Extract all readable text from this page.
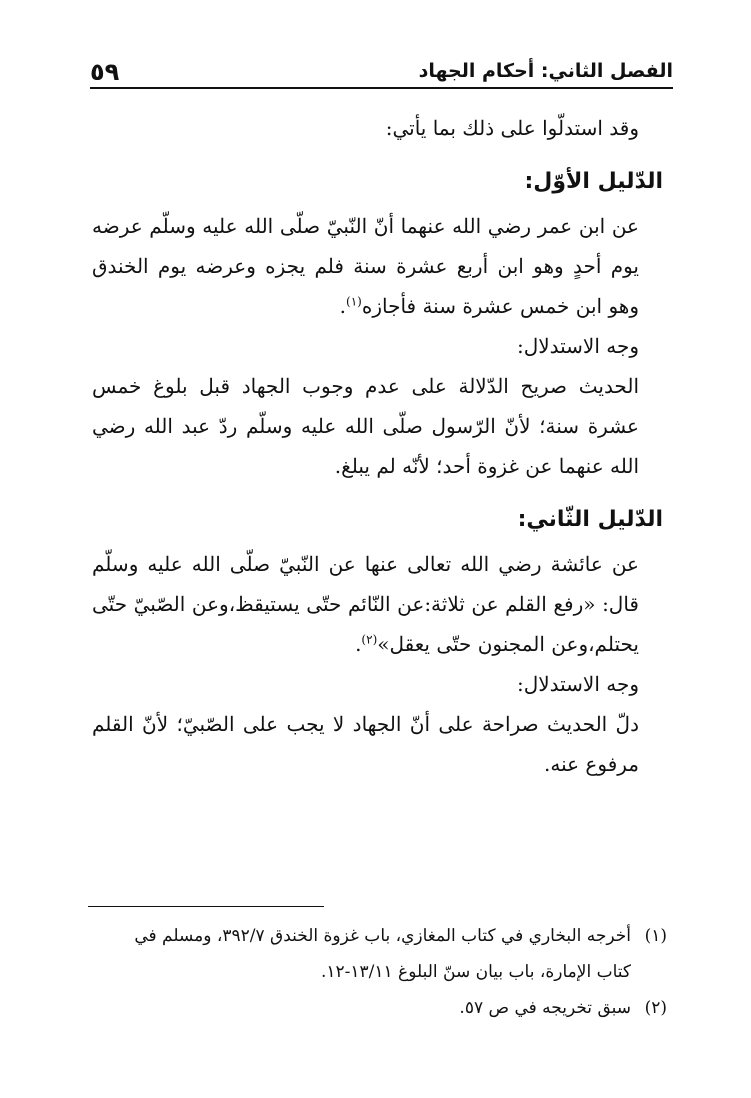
الفصل الثاني: أحكام الجهاد
٥٩

وقد استدلّوا على ذلك بما يأتي:

الدّليل الأوّل:

عن ابن عمر رضي الله عنهما أنّ النّبيّ صلّى الله عليه وسلّم عرضه يوم أحدٍ وهو ابن أربع عشرة سنة فلم يجزه وعرضه يوم الخندق وهو ابن خمس عشرة سنة فأجازه$^{(١)}$.

وجه الاستدلال:

الحديث صريح الدّلالة على عدم وجوب الجهاد قبل بلوغ خمس عشرة سنة؛ لأنّ الرّسول صلّى الله عليه وسلّم ردّ عبد الله رضي الله عنهما عن غزوة أحد؛ لأنّه لم يبلغ.

الدّليل الثّاني:

عن عائشة رضي الله تعالى عنها عن النّبيّ صلّى الله عليه وسلّم قال: «رفع القلم عن ثلاثة:عن النّائم حتّى يستيقظ،وعن الصّبيّ حتّى يحتلم،وعن المجنون حتّى يعقل»$^{(٢)}$.

وجه الاستدلال:

دلّ الحديث صراحة على أنّ الجهاد لا يجب على الصّبيّ؛ لأنّ القلم مرفوع عنه.

(١)أخرجه البخاري في كتاب المغازي، باب غزوة الخندق ٣٩٢/٧، ومسلم في

كتاب الإمارة، باب بيان سنّ البلوغ ١٣/١١-١٢.

(٢)سبق تخريجه في ص ٥٧.
